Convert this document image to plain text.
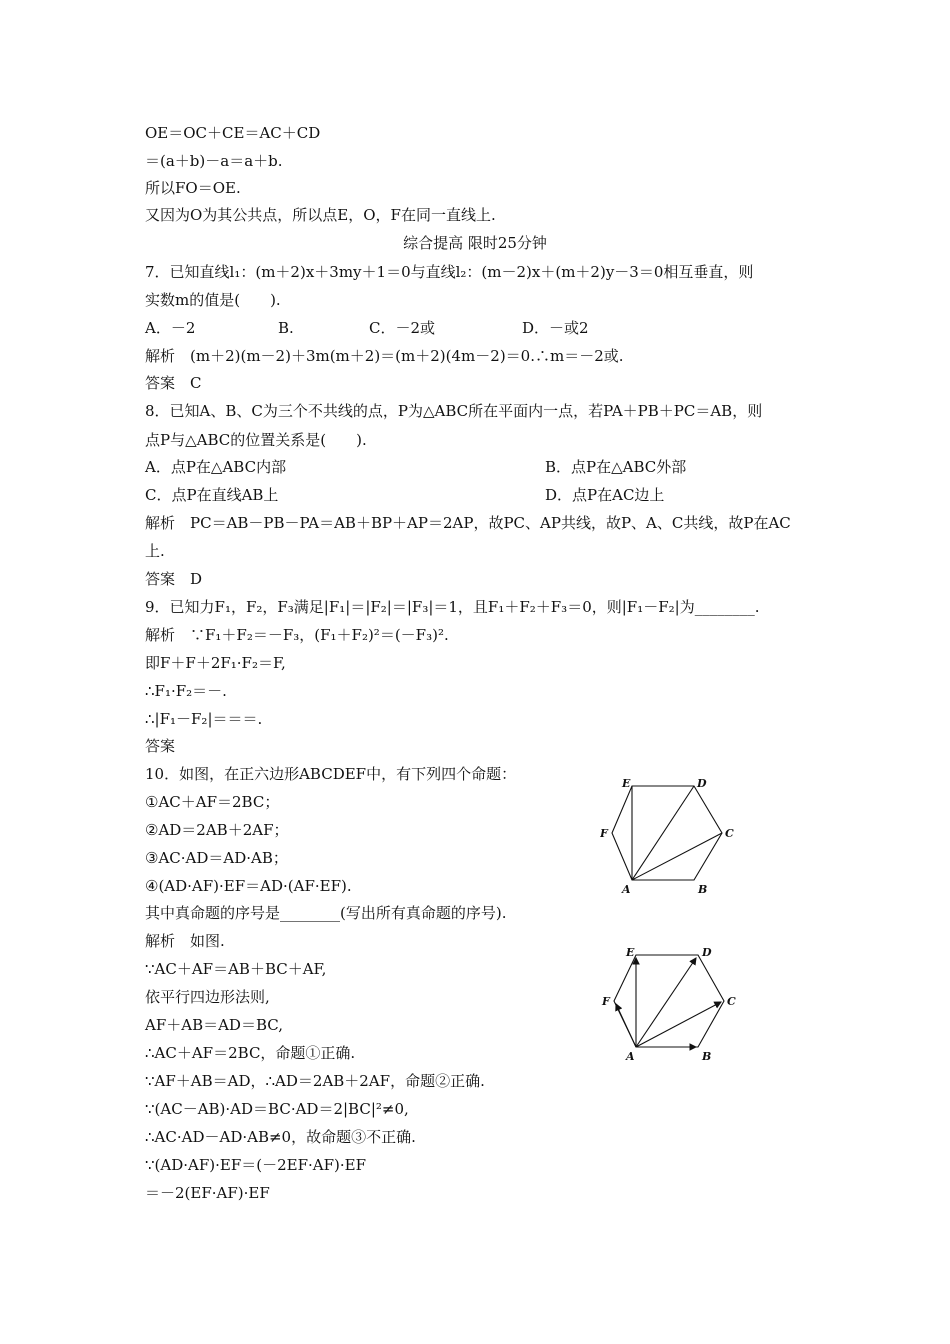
OE＝OC＋CE＝AC＋CD
＝(a＋b)－a＝a＋b.
所以FO＝OE.
又因为O为其公共点，所以点E，O，F在同一直线上.
综合提高 限时25分钟
7．已知直线l₁：(m＋2)x＋3my＋1＝0与直线l₂：(m－2)x＋(m＋2)y－3＝0相互垂直，则
实数m的值是(　　).
A．－2	B.	C．－2或	D．－或2
解析　(m＋2)(m－2)＋3m(m＋2)＝(m＋2)(4m－2)＝0.∴m＝－2或.
答案　C
8．已知A、B、C为三个不共线的点，P为△ABC所在平面内一点，若PA＋PB＋PC＝AB，则
点P与△ABC的位置关系是(　　).
A．点P在△ABC内部	B．点P在△ABC外部
C．点P在直线AB上	D．点P在AC边上
解析　PC＝AB－PB－PA＝AB＋BP＋AP＝2AP，故PC、AP共线，故P、A、C共线，故P在AC
上.
答案　D
9．已知力F₁，F₂，F₃满足|F₁|＝|F₂|＝|F₃|＝1，且F₁＋F₂＋F₃＝0，则|F₁－F₂|为________.
解析　∵F₁＋F₂＝－F₃，(F₁＋F₂)²＝(－F₃)².
即F＋F＋2F₁·F₂＝F,
∴F₁·F₂＝－.
∴|F₁－F₂|＝＝＝.
答案
10．如图，在正六边形ABCDEF中，有下列四个命题：
①AC＋AF＝2BC；
②AD＝2AB＋2AF；
③AC·AD＝AD·AB；
④(AD·AF)·EF＝AD·(AF·EF).
其中真命题的序号是________(写出所有真命题的序号).
解析　如图.
∵AC＋AF＝AB＋BC＋AF,
依平行四边形法则,
AF＋AB＝AD＝BC,
∴AC＋AF＝2BC，命题①正确.
∵AF＋AB＝AD，∴AD＝2AB＋2AF，命题②正确.
∵(AC－AB)·AD＝BC·AD＝2|BC|²≠0,
∴AC·AD－AD·AB≠0，故命题③不正确.
∵(AD·AF)·EF＝(－2EF·AF)·EF
＝－2(EF·AF)·EF
A	B
C
D
E
F
A	B
C
D
E
F
